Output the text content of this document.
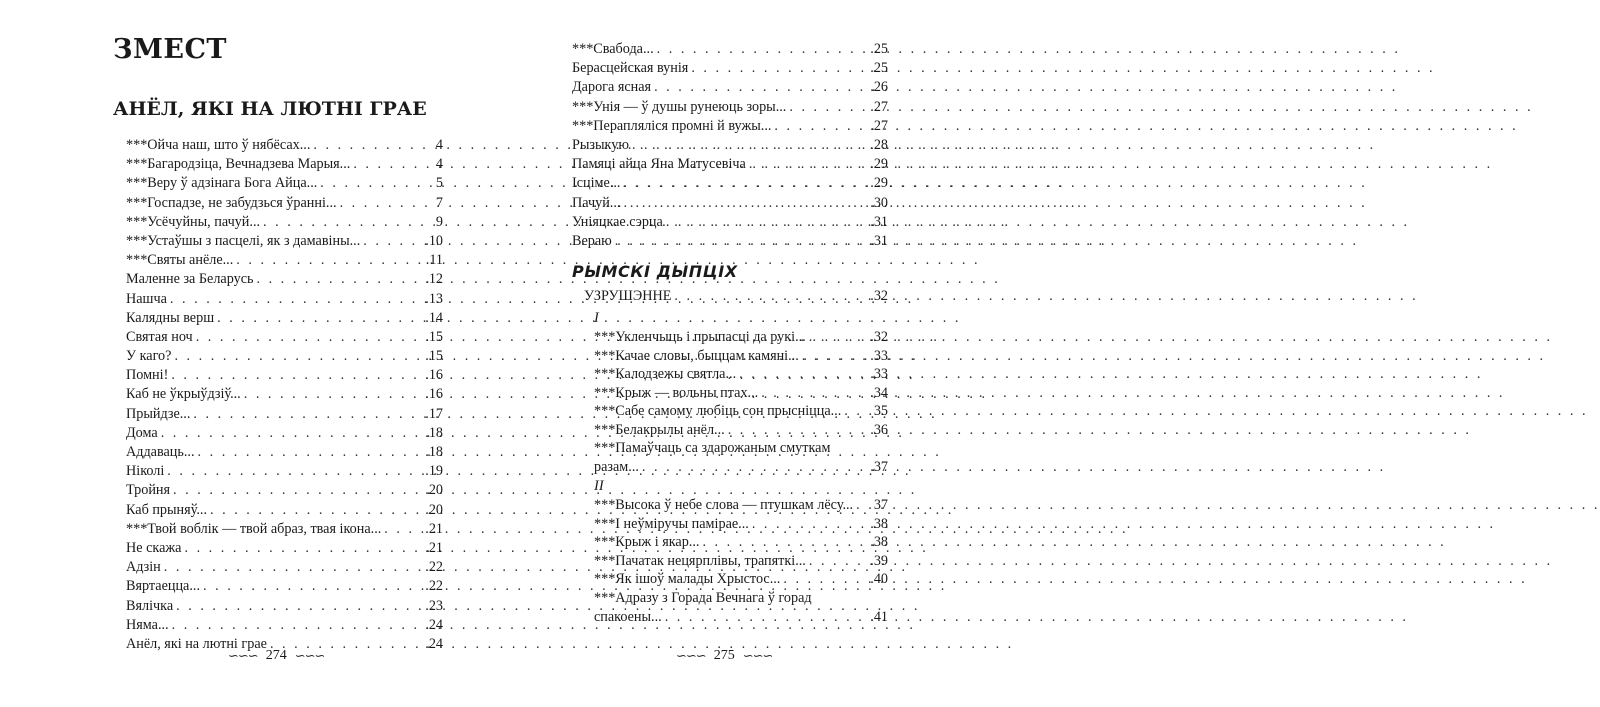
ЗМЕСТ
АНЁЛ, ЯКІ НА ЛЮТНІ ГРАЕ
***Ойча наш, што ў нябёсах... . . .	4
***Багародзіца, Вечнадзева Марыя... . . .	4
***Веру ў адзінага Бога Айца... . . .	5
***Госпадзе, не забудзься ўранні... . . .	7
***Усёчуйны, пачуй... . . .	9
***Устаўшы з пасцелі, як з дамавіны... . . .	.10
***Святы анёле... . . .	.11
Маленне за Беларусь . . .	.12
Нашча . . .	.13
Калядны верш . . .	.14
Святая ноч . . .	.15
У каго? . . .	.15
Помні! . . .	.16
Каб не ўкрыўдзіў... . . .	.16
Прыйдзе... . . .	.17
Дома . . .	.18
Аддаваць... . . .	.18
Ніколі . . .	.19
Тройня . . .	.20
Каб прыняў... . . .	.20
***Твой воблік — твой абраз, твая ікона... . . .	.21
Не скажа . . .	.21
Адзін . . .	.22
Вяртаецца... . . .	.22
Вялічка . . .	.23
Няма... . . .	.24
Анёл, які на лютні грае . . .	.24
∽∽∽ 274 ∽∽∽
***Свабода... . . .	.25
Берасцейская вунія . . .	.25
Дарога ясная . . .	.26
***Унія — ў душы рунеюць зоры... . . .	.27
***Перапляліся промні й вужы... . . .	.27
Рызыкую . . .	.28
Памяці айца Яна Матусевіча . . .	.29
Ісціме... . . .	.29
Пачуй... . . .	.30
Уніяцкае сэрца . . .	.31
Вераю . . .	.31
РЫМСКІ ДЫПЦІХ
УЗРУШЭННЕ . . .	.32
І
***Укленчыць і прыпасці да рукі... . . .	.32
***Качае словы, быццам камяні... . . .	.33
***Калодзежы святла... . . .	.33
***Крыж — вольны птах... . . .	.34
***Сабе самому любіць сон прысніцца... . . . 35
***Белакрылы анёл... . . .	.36
***Памаўчаць са здарожаным смуткам
разам... . . .	.37
ІІ
***Высока ў небе слова — птушкам лёсу... . . . 37
***І неўміручы памірае... . . .	.38
***Крыж і якар... . . .	.38
***Пачатак нецярплівы, трапяткі... . . .	.39
***Як ішоў малады Хрыстос... . . .	.40
***Адразу з Горада Вечнага ў горад
спакоены... . . .	.41
∽∽∽ 275 ∽∽∽
